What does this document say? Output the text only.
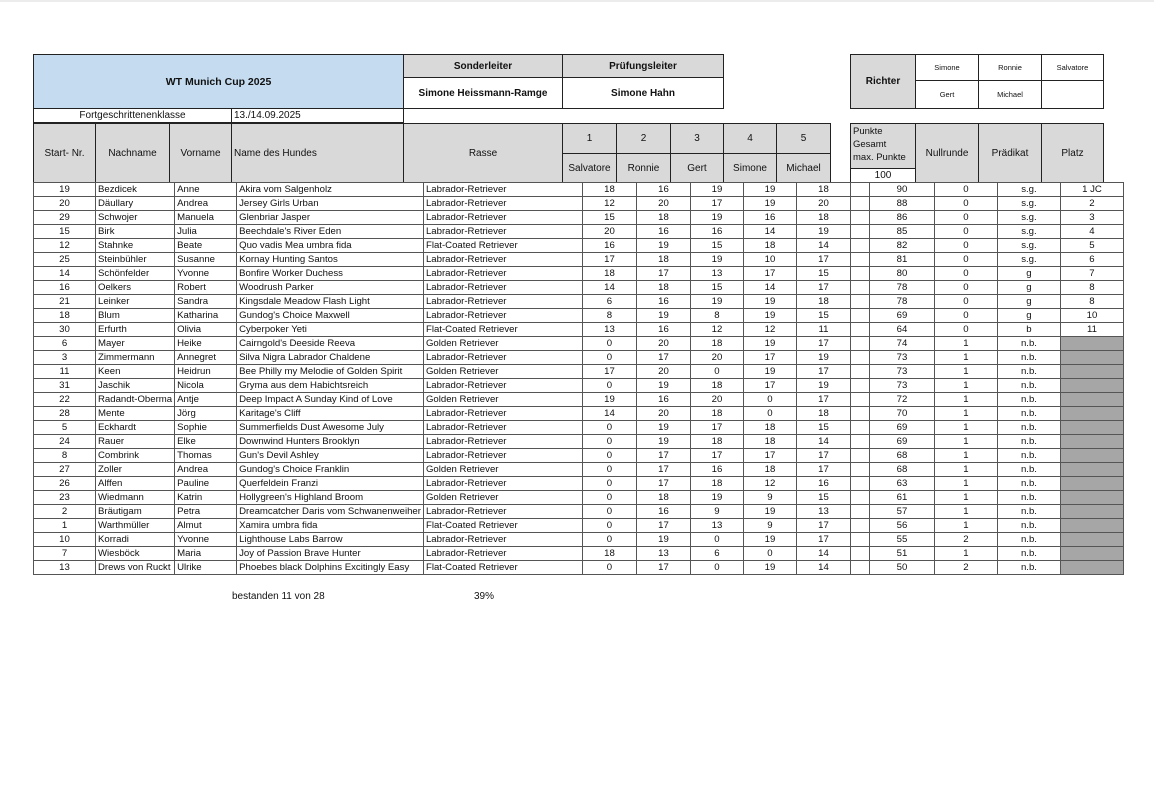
WT Munich Cup 2025
Sonderleiter	Prüfungsleiter
Simone Heissmann-Ramge	Simone Hahn
Richter
Simone	Ronnie	Salvatore
Gert	Michael
Fortgeschrittenenklasse	13./14.09.2025
Start- Nr.	Nachname	Vorname	Name des Hundes	Rasse
1	2	3	4	5
Salvatore	Ronnie	Gert	Simone	Michael
Punkte
Gesamt
max. Punkte
100
Nullrunde	Prädikat	Platz
19	Bezdicek	Anne	Akira vom Salgenholz	Labrador-Retriever	18	16	19	19	18		90	0	s.g.	1 JC
20	Däullary	Andrea	Jersey Girls Urban	Labrador-Retriever	12	20	17	19	20		88	0	s.g.	2
29	Schwojer	Manuela	Glenbriar Jasper	Labrador-Retriever	15	18	19	16	18		86	0	s.g.	3
15	Birk	Julia	Beechdale's River Eden	Labrador-Retriever	20	16	16	14	19		85	0	s.g.	4
12	Stahnke	Beate	Quo vadis Mea umbra fida	Flat-Coated Retriever	16	19	15	18	14		82	0	s.g.	5
25	Steinbühler	Susanne	Kornay Hunting Santos	Labrador-Retriever	17	18	19	10	17		81	0	s.g.	6
14	Schönfelder	Yvonne	Bonfire Worker Duchess	Labrador-Retriever	18	17	13	17	15		80	0	g	7
16	Oelkers	Robert	Woodrush Parker	Labrador-Retriever	14	18	15	14	17		78	0	g	8
21	Leinker	Sandra	Kingsdale Meadow Flash Light	Labrador-Retriever	6	16	19	19	18		78	0	g	8
18	Blum	Katharina	Gundog's Choice Maxwell	Labrador-Retriever	8	19	8	19	15		69	0	g	10
30	Erfurth	Olivia	Cyberpoker Yeti	Flat-Coated Retriever	13	16	12	12	11		64	0	b	11
6	Mayer	Heike	Cairngold's Deeside Reeva	Golden Retriever	0	20	18	19	17		74	1	n.b.	
3	Zimmermann	Annegret	Silva Nigra Labrador Chaldene	Labrador-Retriever	0	17	20	17	19		73	1	n.b.	
11	Keen	Heidrun	Bee Philly my Melodie of Golden Spirit	Golden Retriever	17	20	0	19	17		73	1	n.b.	
31	Jaschik	Nicola	Gryma aus dem Habichtsreich	Labrador-Retriever	0	19	18	17	19		73	1	n.b.	
22	Radandt-Oberma	Antje	Deep Impact A Sunday Kind of Love	Golden Retriever	19	16	20	0	17		72	1	n.b.	
28	Mente	Jörg	Karitage's Cliff	Labrador-Retriever	14	20	18	0	18		70	1	n.b.	
5	Eckhardt	Sophie	Summerfields Dust Awesome July	Labrador-Retriever	0	19	17	18	15		69	1	n.b.	
24	Rauer	Elke	Downwind Hunters Brooklyn	Labrador-Retriever	0	19	18	18	14		69	1	n.b.	
8	Combrink	Thomas	Gun's Devil Ashley	Labrador-Retriever	0	17	17	17	17		68	1	n.b.	
27	Zoller	Andrea	Gundog's Choice Franklin	Golden Retriever	0	17	16	18	17		68	1	n.b.	
26	Alffen	Pauline	Querfeldein Franzi	Labrador-Retriever	0	17	18	12	16		63	1	n.b.	
23	Wiedmann	Katrin	Hollygreen's Highland Broom	Golden Retriever	0	18	19	9	15		61	1	n.b.	
2	Bräutigam	Petra	Dreamcatcher Daris vom Schwanenweiher	Labrador-Retriever	0	16	9	19	13		57	1	n.b.	
1	Warthmüller	Almut	Xamira umbra fida	Flat-Coated Retriever	0	17	13	9	17		56	1	n.b.	
10	Korradi	Yvonne	Lighthouse Labs Barrow	Labrador-Retriever	0	19	0	19	17		55	2	n.b.	
7	Wiesböck	Maria	Joy of Passion Brave Hunter	Labrador-Retriever	18	13	6	0	14		51	1	n.b.	
13	Drews von Ruckt	Ulrike	Phoebes black Dolphins Excitingly Easy	Flat-Coated Retriever	0	17	0	19	14		50	2	n.b.	
bestanden 11 von 28	39%
